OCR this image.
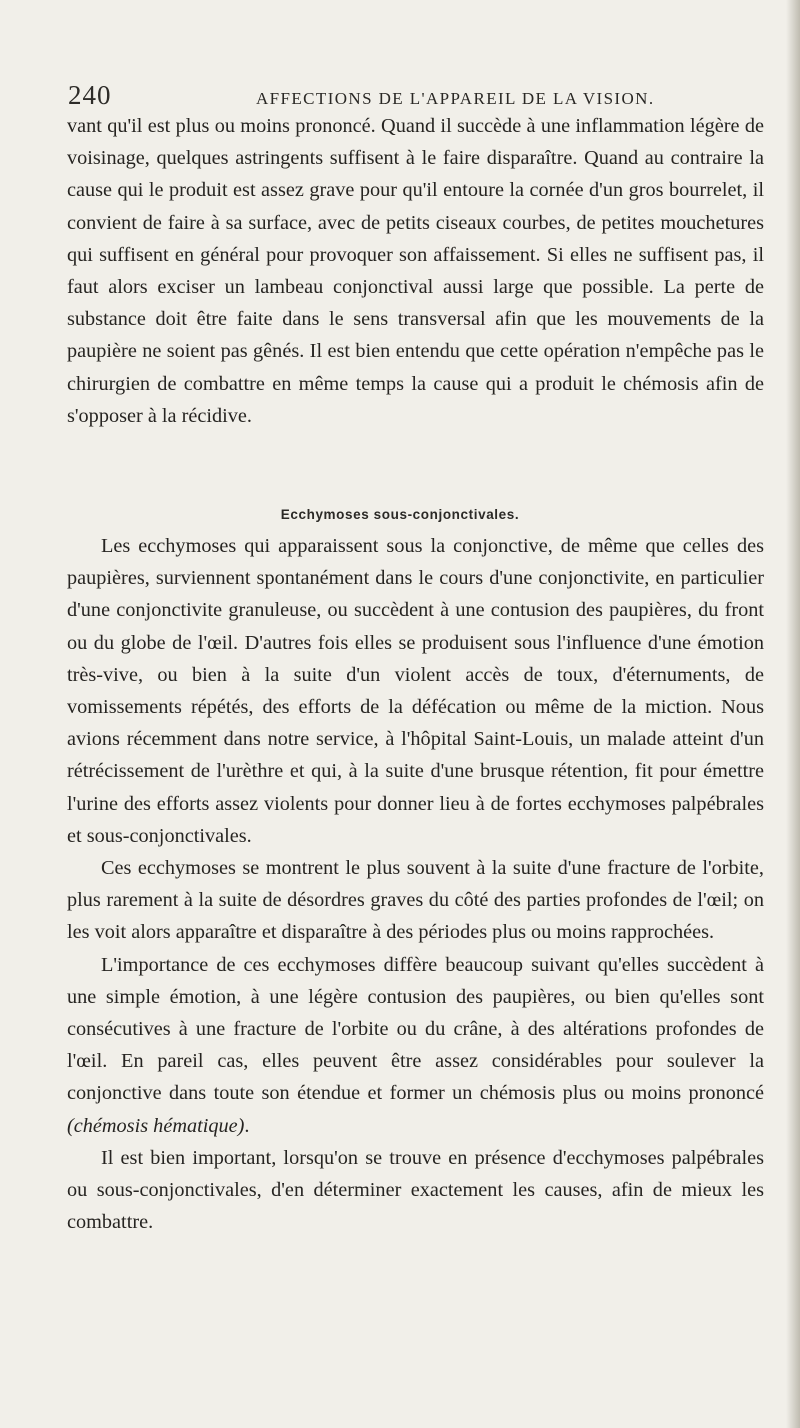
240	AFFECTIONS DE L'APPAREIL DE LA VISION.

vant qu'il est plus ou moins prononcé. Quand il succède à une inflammation légère de voisinage, quelques astringents suffisent à le faire disparaître. Quand au contraire la cause qui le produit est assez grave pour qu'il entoure la cornée d'un gros bourrelet, il convient de faire à sa surface, avec de petits ciseaux courbes, de petites mouchetures qui suffisent en général pour provoquer son affaissement. Si elles ne suffisent pas, il faut alors exciser un lambeau conjonctival aussi large que possible. La perte de substance doit être faite dans le sens transversal afin que les mouvements de la paupière ne soient pas gênés. Il est bien entendu que cette opération n'empêche pas le chirurgien de combattre en même temps la cause qui a produit le chémosis afin de s'opposer à la récidive.

Ecchymoses sous-conjonctivales.

Les ecchymoses qui apparaissent sous la conjonctive, de même que celles des paupières, surviennent spontanément dans le cours d'une conjonctivite, en particulier d'une conjonctivite granuleuse, ou succèdent à une contusion des paupières, du front ou du globe de l'œil. D'autres fois elles se produisent sous l'influence d'une émotion très-vive, ou bien à la suite d'un violent accès de toux, d'éternuments, de vomissements répétés, des efforts de la défécation ou même de la miction. Nous avions récemment dans notre service, à l'hôpital Saint-Louis, un malade atteint d'un rétrécissement de l'urèthre et qui, à la suite d'une brusque rétention, fit pour émettre l'urine des efforts assez violents pour donner lieu à de fortes ecchymoses palpébrales et sous-conjonctivales.

Ces ecchymoses se montrent le plus souvent à la suite d'une fracture de l'orbite, plus rarement à la suite de désordres graves du côté des parties profondes de l'œil; on les voit alors apparaître et disparaître à des périodes plus ou moins rapprochées.

L'importance de ces ecchymoses diffère beaucoup suivant qu'elles succèdent à une simple émotion, à une légère contusion des paupières, ou bien qu'elles sont consécutives à une fracture de l'orbite ou du crâne, à des altérations profondes de l'œil. En pareil cas, elles peuvent être assez considérables pour soulever la conjonctive dans toute son étendue et former un chémosis plus ou moins prononcé (chémosis hématique).

Il est bien important, lorsqu'on se trouve en présence d'ecchymoses palpébrales ou sous-conjonctivales, d'en déterminer exactement les causes, afin de mieux les combattre.
